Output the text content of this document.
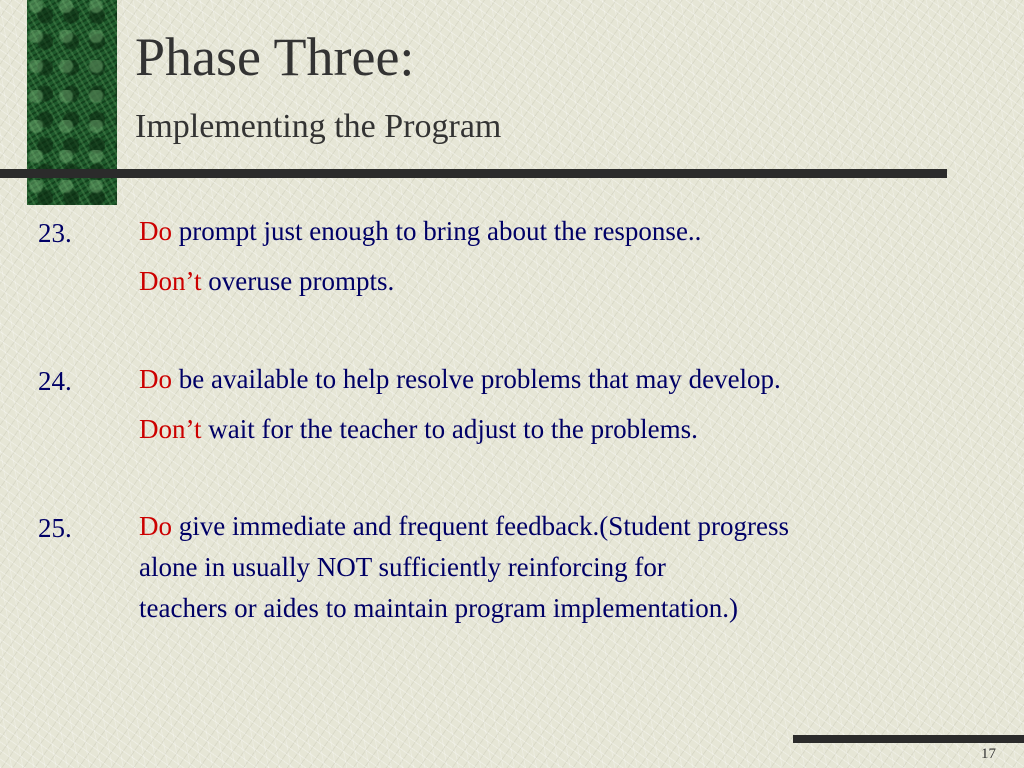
Phase Three:
Implementing the Program
23. Do prompt just enough to bring about the response..
Don’t overuse prompts.
24. Do be available to help resolve problems that may develop.
Don’t wait for the teacher to adjust to the problems.
25. Do give immediate and frequent feedback.(Student progress
alone in usually NOT sufficiently reinforcing for
teachers or aides to maintain program implementation.)
17
